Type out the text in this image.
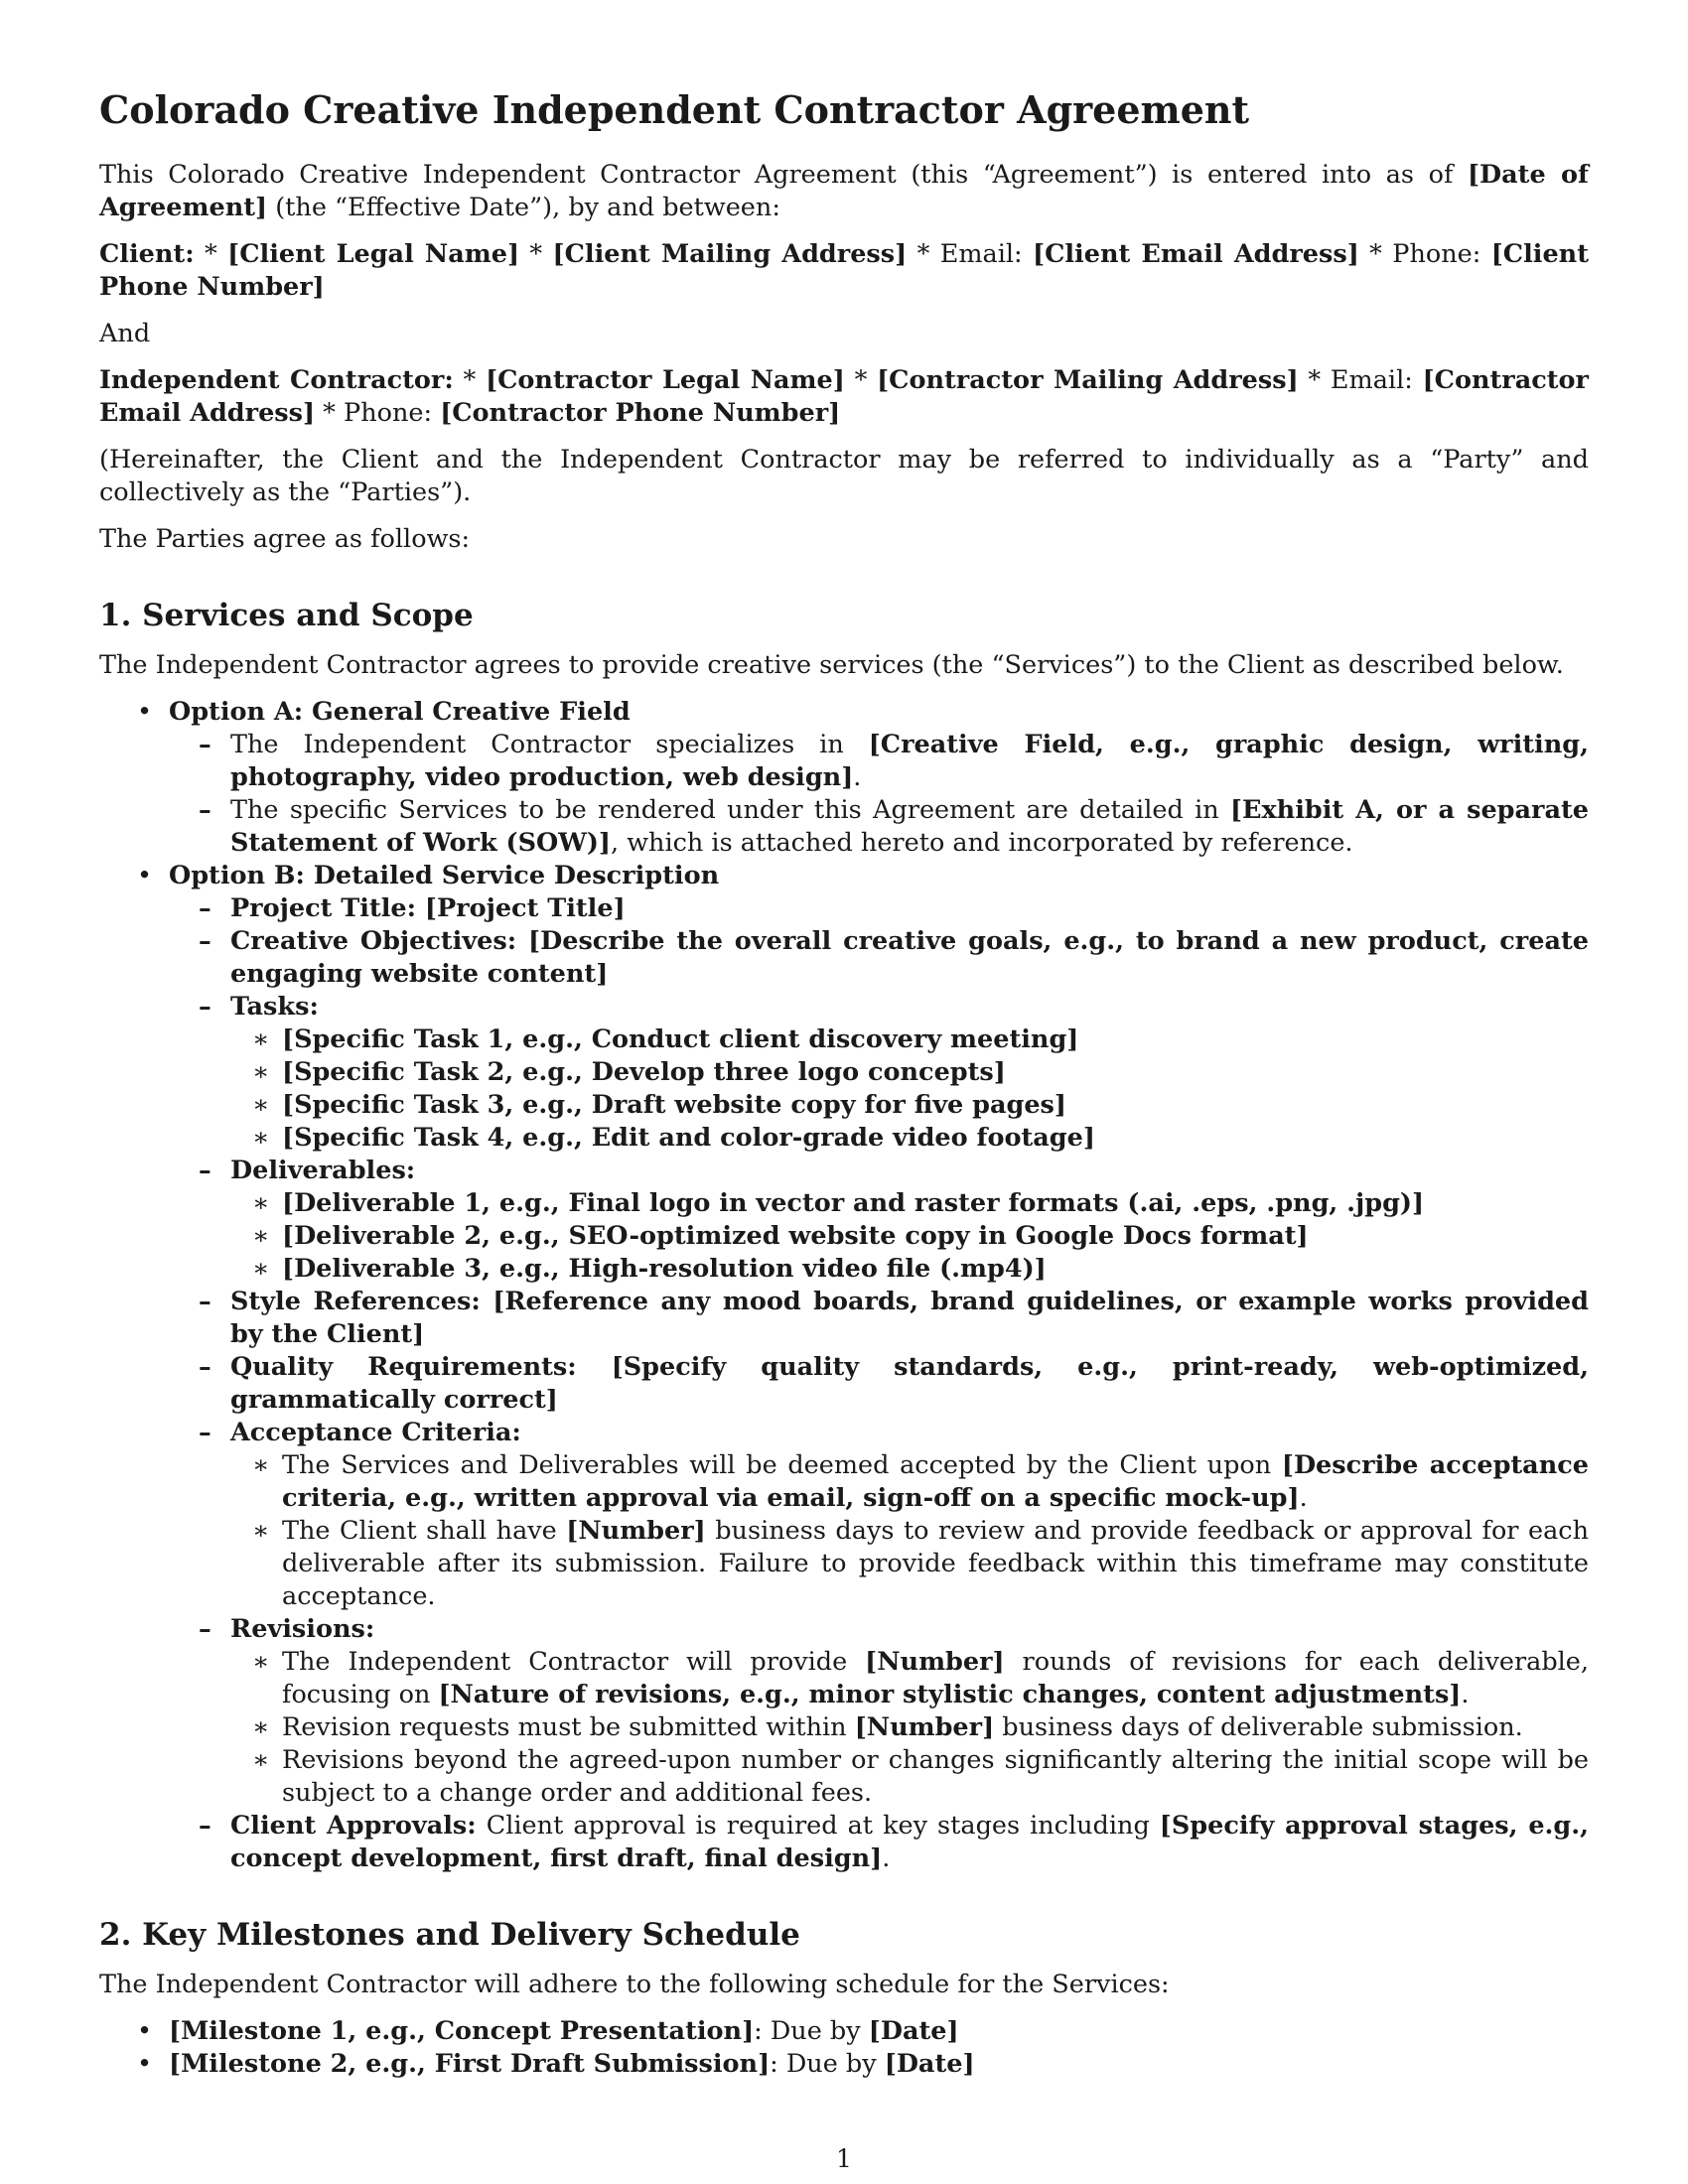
Colorado Creative Independent Contractor Agreement

This Colorado Creative Independent Contractor Agreement (this “Agreement”) is entered into as of [Date of Agreement] (the “Effective Date”), by and between:

Client: * [Client Legal Name] * [Client Mailing Address] * Email: [Client Email Address] * Phone: [Client Phone Number]

And

Independent Contractor: * [Contractor Legal Name] * [Contractor Mailing Address] * Email: [Contractor Email Address] * Phone: [Contractor Phone Number]

(Hereinafter, the Client and the Independent Contractor may be referred to individually as a “Party” and collectively as the “Parties”).

The Parties agree as follows:

1. Services and Scope

The Independent Contractor agrees to provide creative services (the “Services”) to the Client as described below.

• Option A: General Creative Field
– The Independent Contractor specializes in [Creative Field, e.g., graphic design, writing, photography, video production, web design].
– The specific Services to be rendered under this Agreement are detailed in [Exhibit A, or a separate Statement of Work (SOW)], which is attached hereto and incorporated by reference.
• Option B: Detailed Service Description
– Project Title: [Project Title]
– Creative Objectives: [Describe the overall creative goals, e.g., to brand a new product, create engaging website content]
– Tasks:
∗ [Specific Task 1, e.g., Conduct client discovery meeting]
∗ [Specific Task 2, e.g., Develop three logo concepts]
∗ [Specific Task 3, e.g., Draft website copy for five pages]
∗ [Specific Task 4, e.g., Edit and color-grade video footage]
– Deliverables:
∗ [Deliverable 1, e.g., Final logo in vector and raster formats (.ai, .eps, .png, .jpg)]
∗ [Deliverable 2, e.g., SEO-optimized website copy in Google Docs format]
∗ [Deliverable 3, e.g., High-resolution video file (.mp4)]
– Style References: [Reference any mood boards, brand guidelines, or example works provided by the Client]
– Quality Requirements: [Specify quality standards, e.g., print-ready, web-optimized, grammatically correct]
– Acceptance Criteria:
∗ The Services and Deliverables will be deemed accepted by the Client upon [Describe acceptance criteria, e.g., written approval via email, sign-off on a specific mock-up].
∗ The Client shall have [Number] business days to review and provide feedback or approval for each deliverable after its submission. Failure to provide feedback within this timeframe may constitute acceptance.
– Revisions:
∗ The Independent Contractor will provide [Number] rounds of revisions for each deliverable, focusing on [Nature of revisions, e.g., minor stylistic changes, content adjustments].
∗ Revision requests must be submitted within [Number] business days of deliverable submission.
∗ Revisions beyond the agreed-upon number or changes significantly altering the initial scope will be subject to a change order and additional fees.
– Client Approvals: Client approval is required at key stages including [Specify approval stages, e.g., concept development, first draft, final design].
2. Key Milestones and Delivery Schedule

The Independent Contractor will adhere to the following schedule for the Services:

• [Milestone 1, e.g., Concept Presentation]: Due by [Date]
• [Milestone 2, e.g., First Draft Submission]: Due by [Date]
1
